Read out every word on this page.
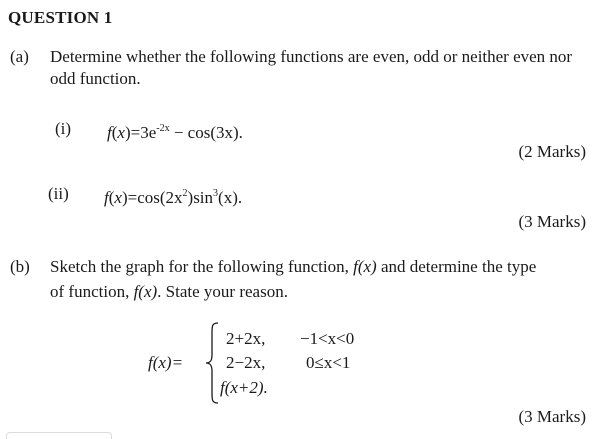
QUESTION 1
(a) Determine whether the following functions are even, odd or neither even nor
odd function.
(i) $f(x)=3e^{-2x} - \cos(3x)$.
(2 Marks)
(ii) $f(x)=\cos(2x^2)\sin^3(x)$.
(3 Marks)
(b) Sketch the graph for the following function, f(x) and determine the type
of function, f(x). State your reason.
f(x)=
2+2x, −1<x<0
2−2x, 0≤x<1
f(x+2).
(3 Marks)
